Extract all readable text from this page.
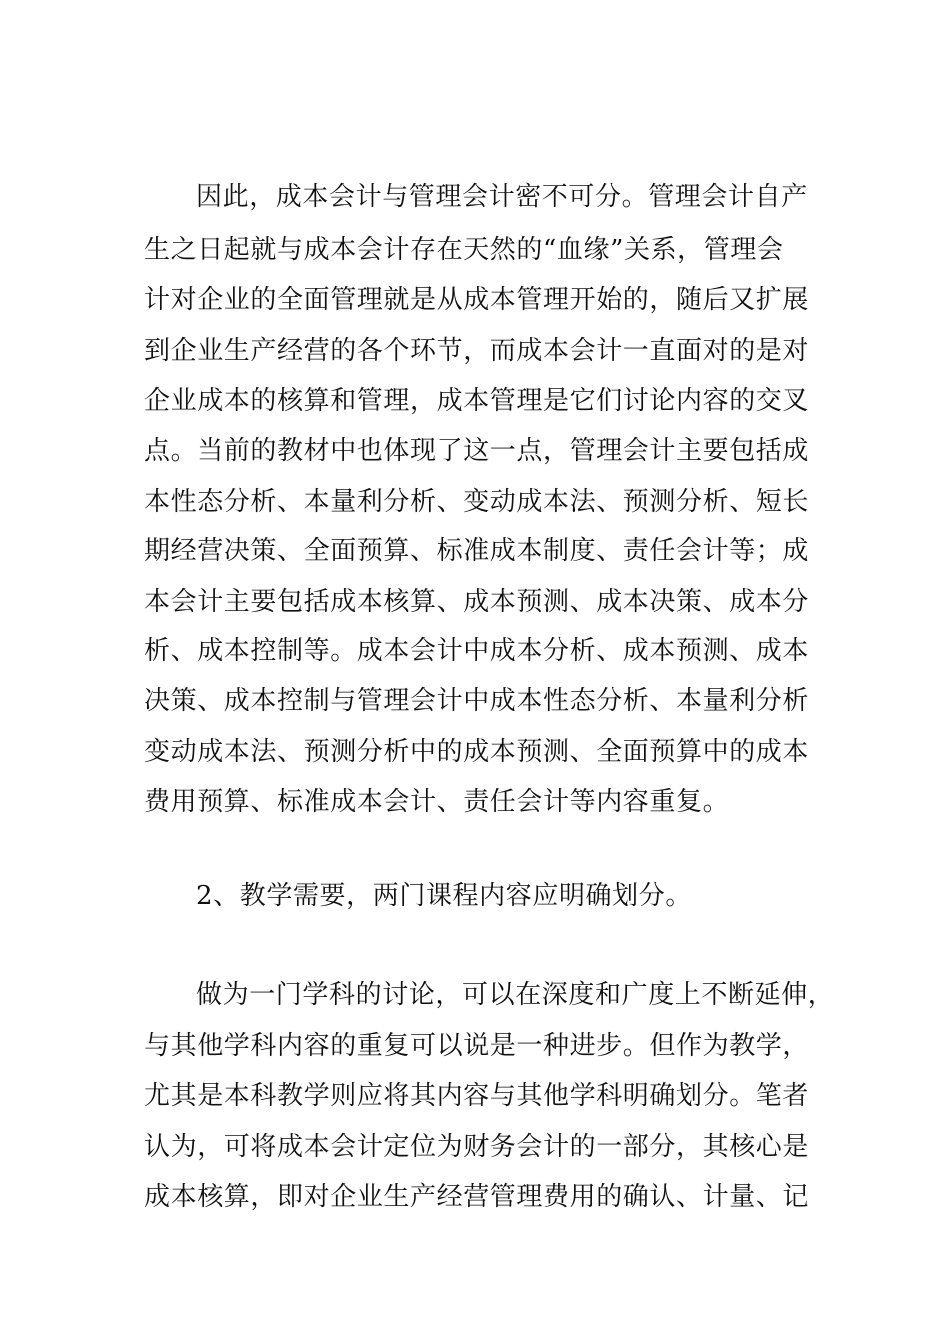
因此，成本会计与管理会计密不可分。管理会计自产

生之日起就与成本会计存在天然的“血缘”关系，管理会

计对企业的全面管理就是从成本管理开始的，随后又扩展

到企业生产经营的各个环节，而成本会计一直面对的是对

企业成本的核算和管理，成本管理是它们讨论内容的交叉

点。当前的教材中也体现了这一点，管理会计主要包括成

本性态分析、本量利分析、变动成本法、预测分析、短长

期经营决策、全面预算、标准成本制度、责任会计等；成

本会计主要包括成本核算、成本预测、成本决策、成本分

析、成本控制等。成本会计中成本分析、成本预测、成本

决策、成本控制与管理会计中成本性态分析、本量利分析

变动成本法、预测分析中的成本预测、全面预算中的成本

费用预算、标准成本会计、责任会计等内容重复。

2、教学需要，两门课程内容应明确划分。

做为一门学科的讨论，可以在深度和广度上不断延伸，

与其他学科内容的重复可以说是一种进步。但作为教学，

尤其是本科教学则应将其内容与其他学科明确划分。笔者

认为，可将成本会计定位为财务会计的一部分，其核心是

成本核算，即对企业生产经营管理费用的确认、计量、记
